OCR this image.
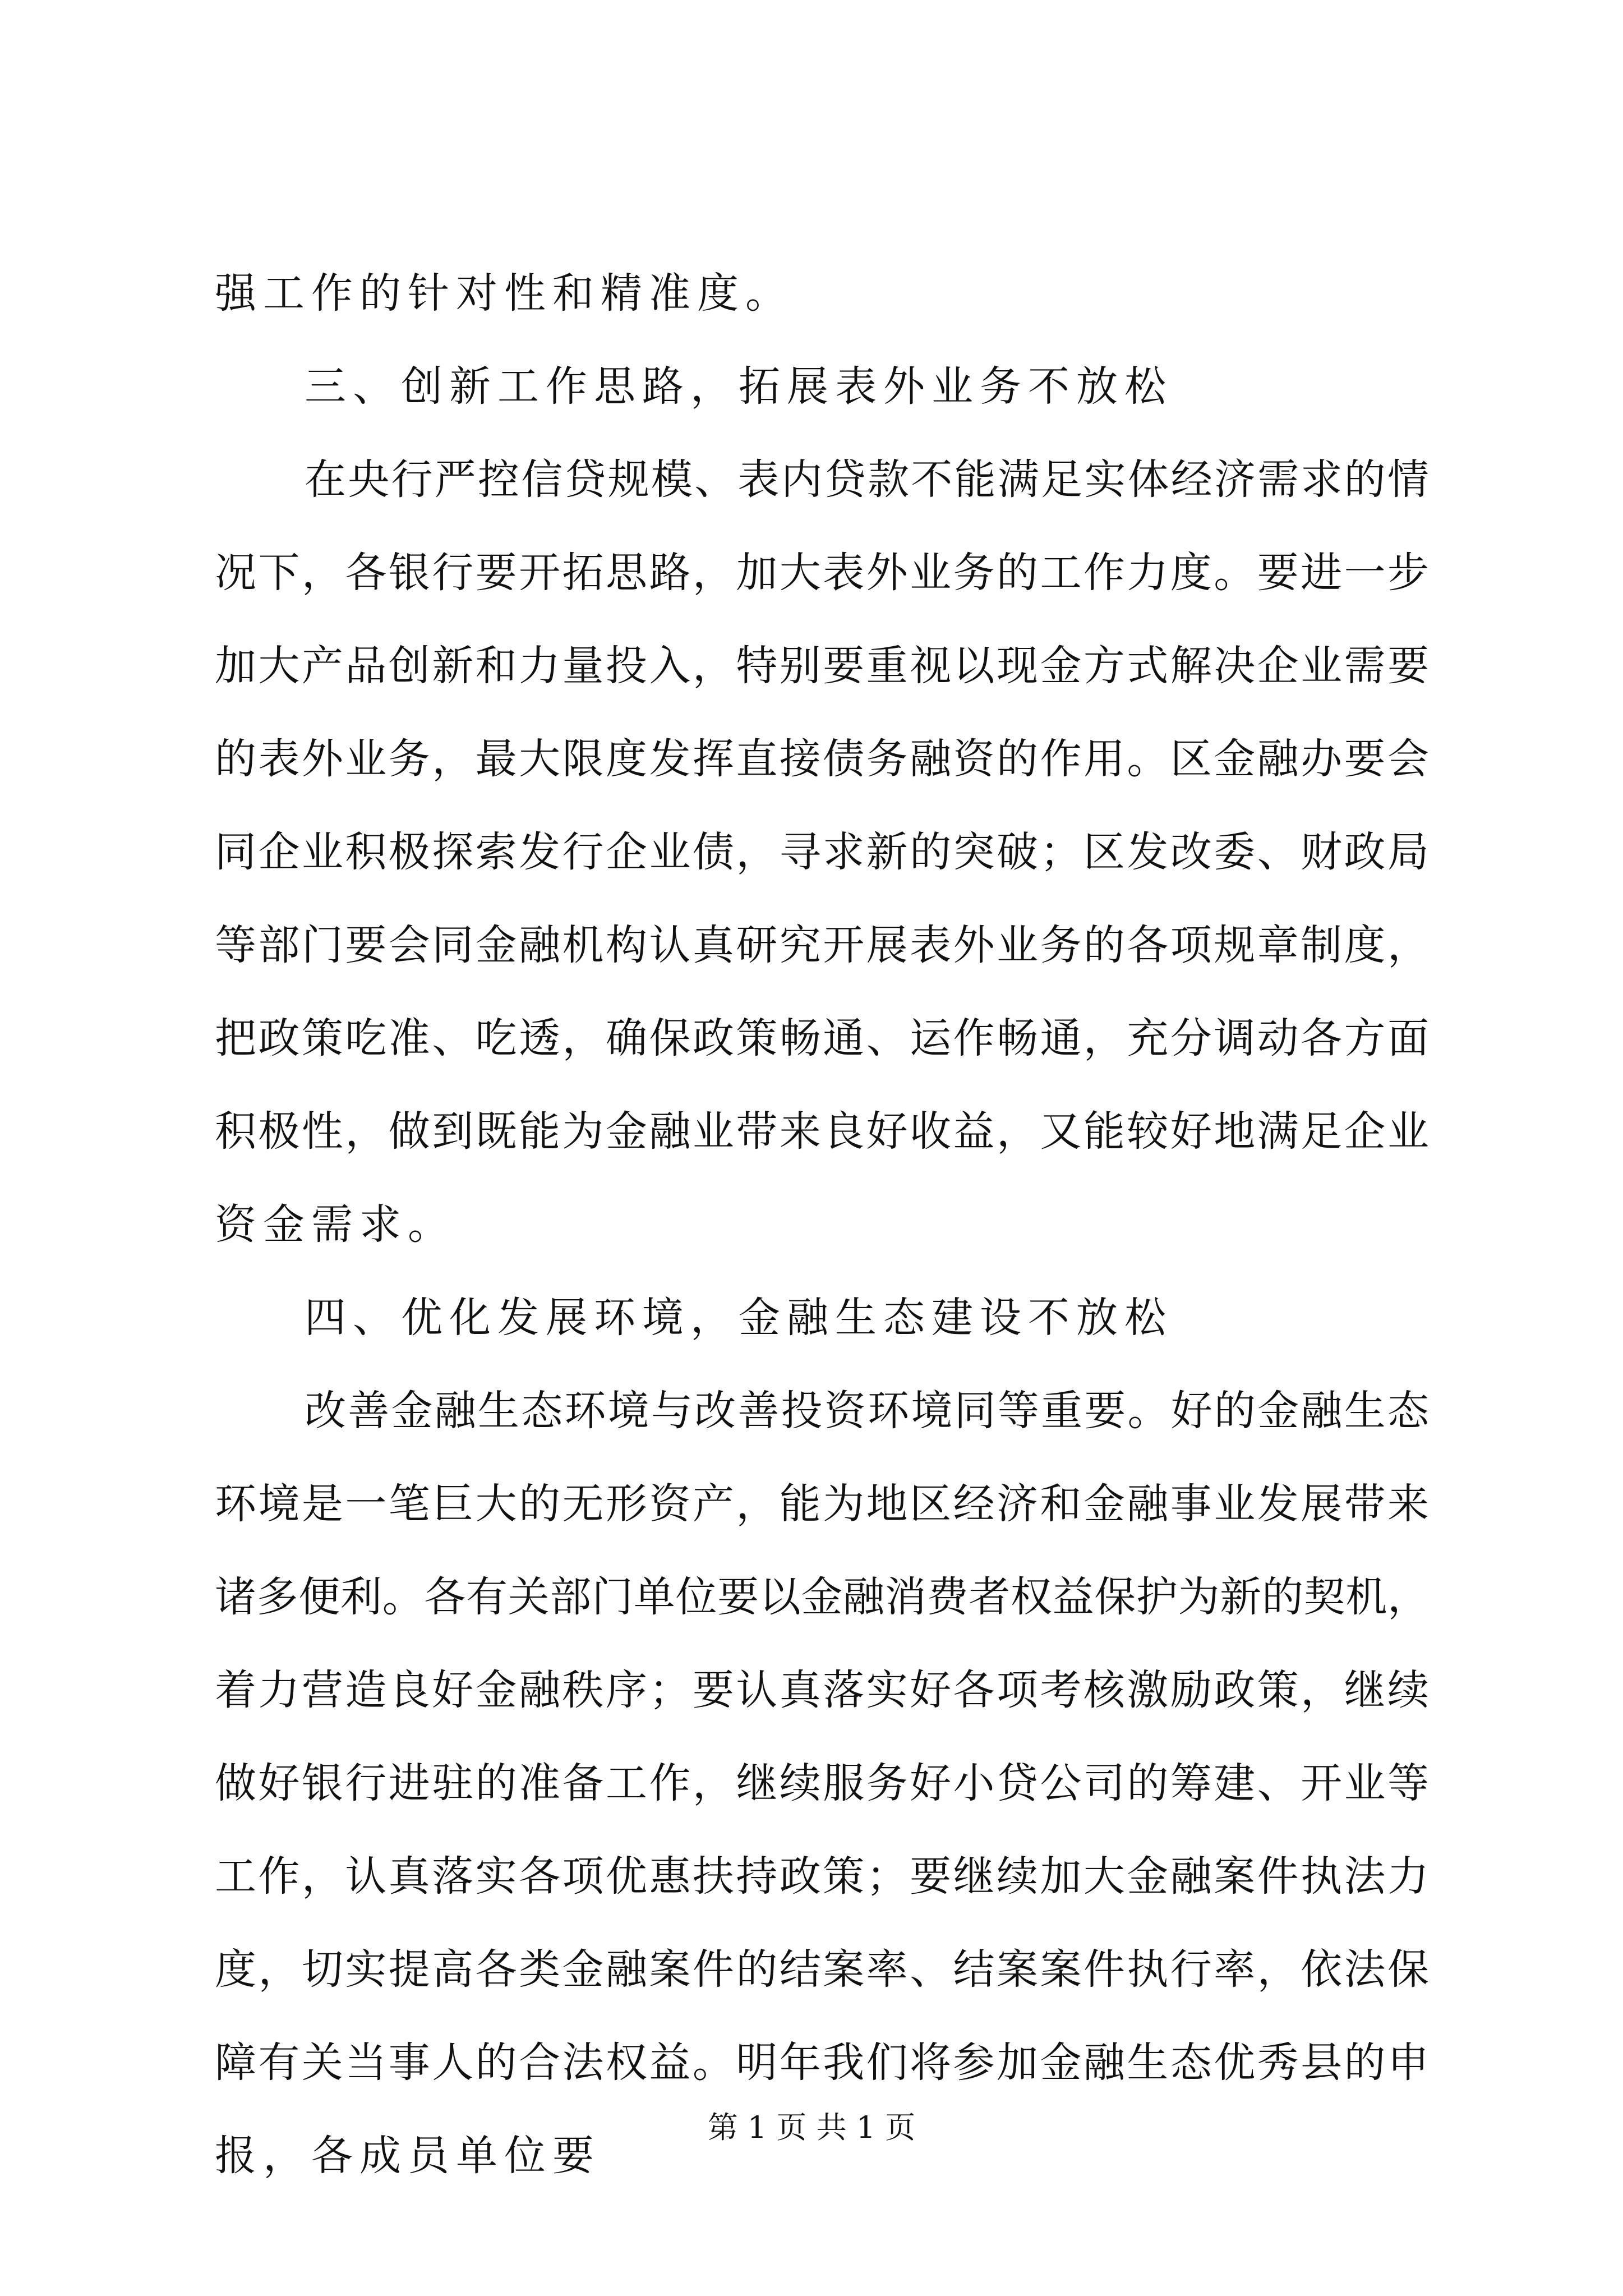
强工作的针对性和精准度。
三、创新工作思路，拓展表外业务不放松
在央行严控信贷规模、表内贷款不能满足实体经济需求的情
况下，各银行要开拓思路，加大表外业务的工作力度。要进一步
加大产品创新和力量投入，特别要重视以现金方式解决企业需要
的表外业务，最大限度发挥直接债务融资的作用。区金融办要会
同企业积极探索发行企业债，寻求新的突破；区发改委、财政局
等部门要会同金融机构认真研究开展表外业务的各项规章制度，
把政策吃准、吃透，确保政策畅通、运作畅通，充分调动各方面
积极性，做到既能为金融业带来良好收益，又能较好地满足企业
资金需求。
四、优化发展环境，金融生态建设不放松
改善金融生态环境与改善投资环境同等重要。好的金融生态
环境是一笔巨大的无形资产，能为地区经济和金融事业发展带来
诸多便利。各有关部门单位要以金融消费者权益保护为新的契机，
着力营造良好金融秩序；要认真落实好各项考核激励政策，继续
做好银行进驻的准备工作，继续服务好小贷公司的筹建、开业等
工作，认真落实各项优惠扶持政策；要继续加大金融案件执法力
度，切实提高各类金融案件的结案率、结案案件执行率，依法保
障有关当事人的合法权益。明年我们将参加金融生态优秀县的申
报，各成员单位要
第 1 页 共 1 页
